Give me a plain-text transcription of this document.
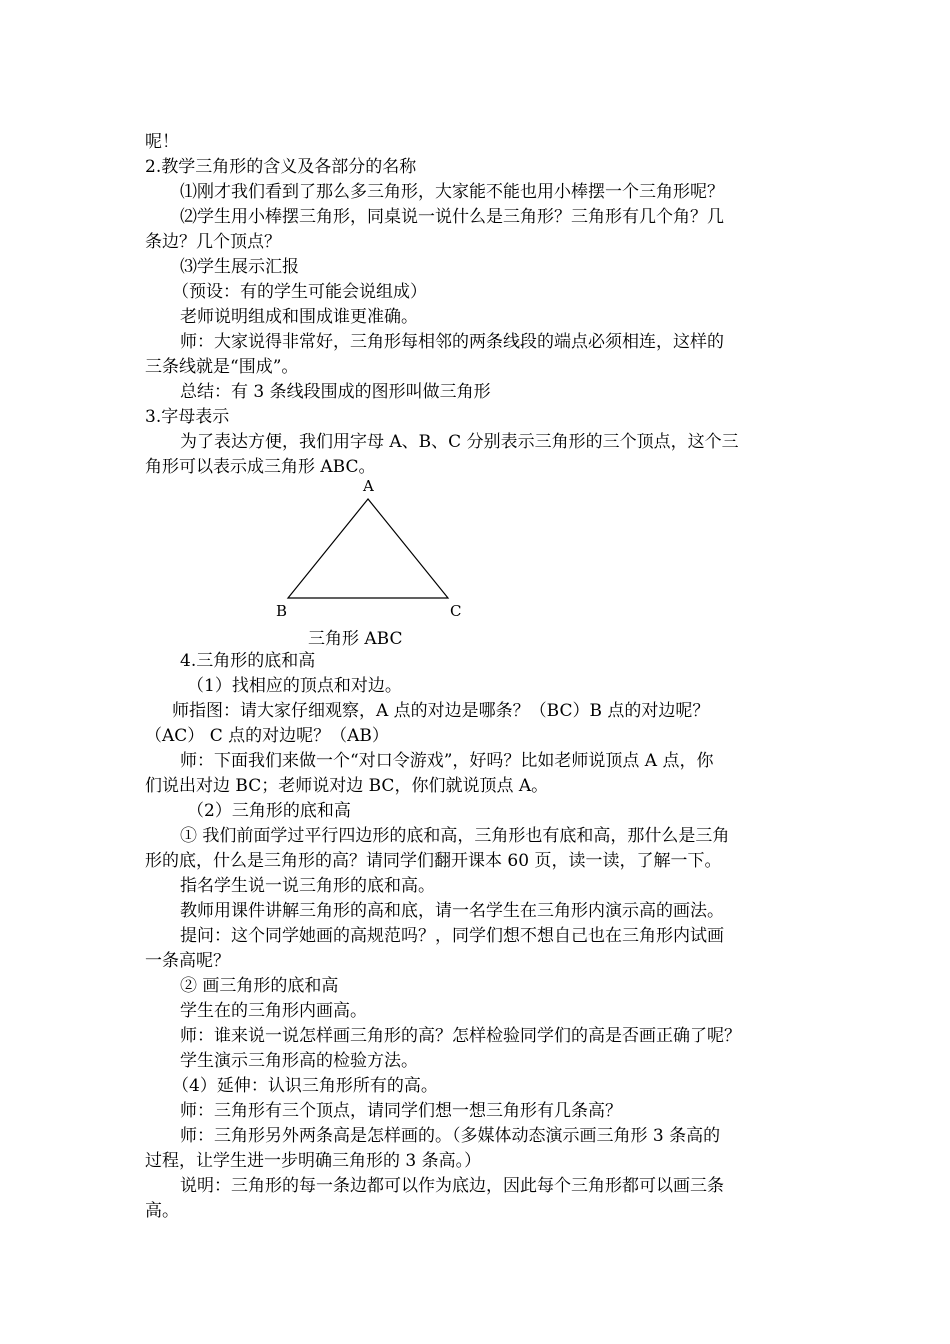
呢！
2.教学三角形的含义及各部分的名称
⑴刚才我们看到了那么多三角形，大家能不能也用小棒摆一个三角形呢？
⑵学生用小棒摆三角形，同桌说一说什么是三角形？三角形有几个角？几
条边？几个顶点？
⑶学生展示汇报
（预设：有的学生可能会说组成）
老师说明组成和围成谁更准确。
师：大家说得非常好，三角形每相邻的两条线段的端点必须相连，这样的
三条线就是“围成”。
总结：有 3 条线段围成的图形叫做三角形
3.字母表示
为了表达方便，我们用字母 A、B、C 分别表示三角形的三个顶点，这个三
角形可以表示成三角形 ABC。
A
B	C
三角形 ABC
4.三角形的底和高
（1）找相应的顶点和对边。
师指图：请大家仔细观察，A 点的对边是哪条？（BC）B 点的对边呢？
（AC） C 点的对边呢？（AB）
师：下面我们来做一个“对口令游戏”，好吗？比如老师说顶点 A 点，你
们说出对边 BC；老师说对边 BC，你们就说顶点 A。
（2）三角形的底和高
① 我们前面学过平行四边形的底和高，三角形也有底和高，那什么是三角
形的底，什么是三角形的高？请同学们翻开课本 60 页，读一读，了解一下。
指名学生说一说三角形的底和高。
教师用课件讲解三角形的高和底，请一名学生在三角形内演示高的画法。
提问：这个同学她画的高规范吗？，同学们想不想自己也在三角形内试画
一条高呢？
② 画三角形的底和高
学生在的三角形内画高。
师：谁来说一说怎样画三角形的高？怎样检验同学们的高是否画正确了呢？
学生演示三角形高的检验方法。
（4）延伸：认识三角形所有的高。
师：三角形有三个顶点，请同学们想一想三角形有几条高？
师：三角形另外两条高是怎样画的。（多媒体动态演示画三角形 3 条高的
过程，让学生进一步明确三角形的 3 条高。）
说明：三角形的每一条边都可以作为底边，因此每个三角形都可以画三条
高。
